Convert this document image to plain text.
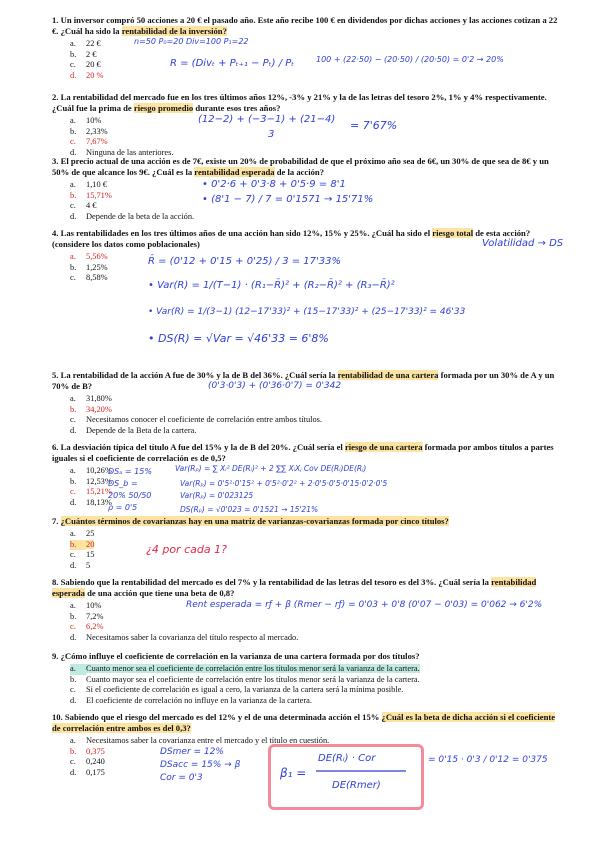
1. Un inversor compró 50 acciones a 20 € el pasado año. Este año recibe 100 € en dividendos por dichas acciones y las acciones cotizan a 22 €. ¿Cuál ha sido la rentabilidad de la inversión?
a. 22 €
b. 2 €
c. 20 €
d. 20 %
2. La rentabilidad del mercado fue en los tres últimos años 12%, -3% y 21% y la de las letras del tesoro 2%, 1% y 4% respectivamente. ¿Cuál fue la prima de riesgo promedio durante esos tres años?
a. 10%
b. 2,33%
c. 7,67%
d. Ninguna de las anteriores.
3. El precio actual de una acción es de 7€, existe un 20% de probabilidad de que el próximo año sea de 6€, un 30% de que sea de 8€ y un 50% de que alcance los 9€. ¿Cuál es la rentabilidad esperada de la acción?
a. 1,10 €
b. 15,71%
c. 4 €
d. Depende de la beta de la acción.
4. Las rentabilidades en los tres últimos años de una acción han sido 12%, 15% y 25%. ¿Cuál ha sido el riesgo total de esta acción? (considere los datos como poblacionales)
a. 5,56%
b. 1,25%
c. 8,58%
5. La rentabilidad de la acción A fue de 30% y la de B del 36%. ¿Cuál sería la rentabilidad de una cartera formada por un 30% de A y un 70% de B?
a. 31,80%
b. 34,20%
c. Necesitamos conocer el coeficiente de correlación entre ambos títulos.
d. Depende de la Beta de la cartera.
6. La desviación típica del título A fue del 15% y la de B del 20%. ¿Cuál sería el riesgo de una cartera formada por ambos títulos a partes iguales si el coeficiente de correlación es de 0,5?
a. 10,26%
b. 12,53%
c. 15,21%
d. 18,13%
7. ¿Cuántos términos de covarianzas hay en una matriz de varianzas-covarianzas formada por cinco títulos?
a. 25
b. 20
c. 15
d. 5
8. Sabiendo que la rentabilidad del mercado es del 7% y la rentabilidad de las letras del tesoro es del 3%. ¿Cuál sería la rentabilidad esperada de una acción que tiene una beta de 0,8?
a. 10%
b. 7,2%
c. 6,2%
d. Necesitamos saber la covarianza del título respecto al mercado.
9. ¿Cómo influye el coeficiente de correlación en la varianza de una cartera formada por dos títulos?
a. Cuanto menor sea el coeficiente de correlación entre los títulos menor será la varianza de la cartera.
b. Cuanto mayor sea el coeficiente de correlación entre los títulos menor será la varianza de la cartera.
c. Si el coeficiente de correlación es igual a cero, la varianza de la cartera será la mínima posible.
d. El coeficiente de correlación no influye en la varianza de la cartera.
10. Sabiendo que el riesgo del mercado es del 12% y el de una determinada acción el 15% ¿Cuál es la beta de dicha acción si el coeficiente de correlación entre ambos es del 0,3?
a. Necesitamos saber la covarianza entre el mercado y el título en cuestión.
b. 0,375
c. 0,240
d. 0,175
n=50 P₀=20 Div=100 P₁=22
R = (Divₜ + Pₜ₊₁ − Pₜ) / Pₜ	100 + (22·50) − (20·50) / (20·50) = 0'2 → 20%
(12−2) + (−3−1) + (21−4)
3
= 7'67%
• 0'2·6 + 0'3·8 + 0'5·9 = 8'1
• (8'1 − 7) / 7 = 0'1571 → 15'71%
Volatilidad → DS
R̄ = (0'12 + 0'15 + 0'25) / 3 = 17'33%
• Var(R) = 1/(T−1) · (R₁−R̄)² + (R₂−R̄)² + (R₃−R̄)²
• Var(R) = 1/(3−1) (12−17'33)² + (15−17'33)² + (25−17'33)² = 46'33
• DS(R) = √Var = √46'33 = 6'8%
(0'3·0'3) + (0'36·0'7) = 0'342
DSₐ = 15% DS_b = 20% 50/50 ρ = 0'5
Var(Rₚ) = ∑ Xᵢ² DE(Rᵢ)² + 2 ∑∑ XᵢXⱼ Cov DE(Rᵢ)DE(Rⱼ)
Var(Rₚ) = 0'5²·0'15² + 0'5²·0'2² + 2·0'5·0'5·0'15·0'2·0'5
Var(Rₚ) = 0'023125
DS(Rₚ) = √0'023 = 0'1521 → 15'21%
¿4 por cada 1?
Rent esperada = rƒ + β (Rmer − rƒ) = 0'03 + 0'8 (0'07 − 0'03) = 0'062 → 6'2%
DSmer = 12%
DSacc = 15% → β
Cor = 0'3	β₁ =
DE(Rᵢ) · Cor
DE(Rmer)
= 0'15 · 0'3 / 0'12 = 0'375
